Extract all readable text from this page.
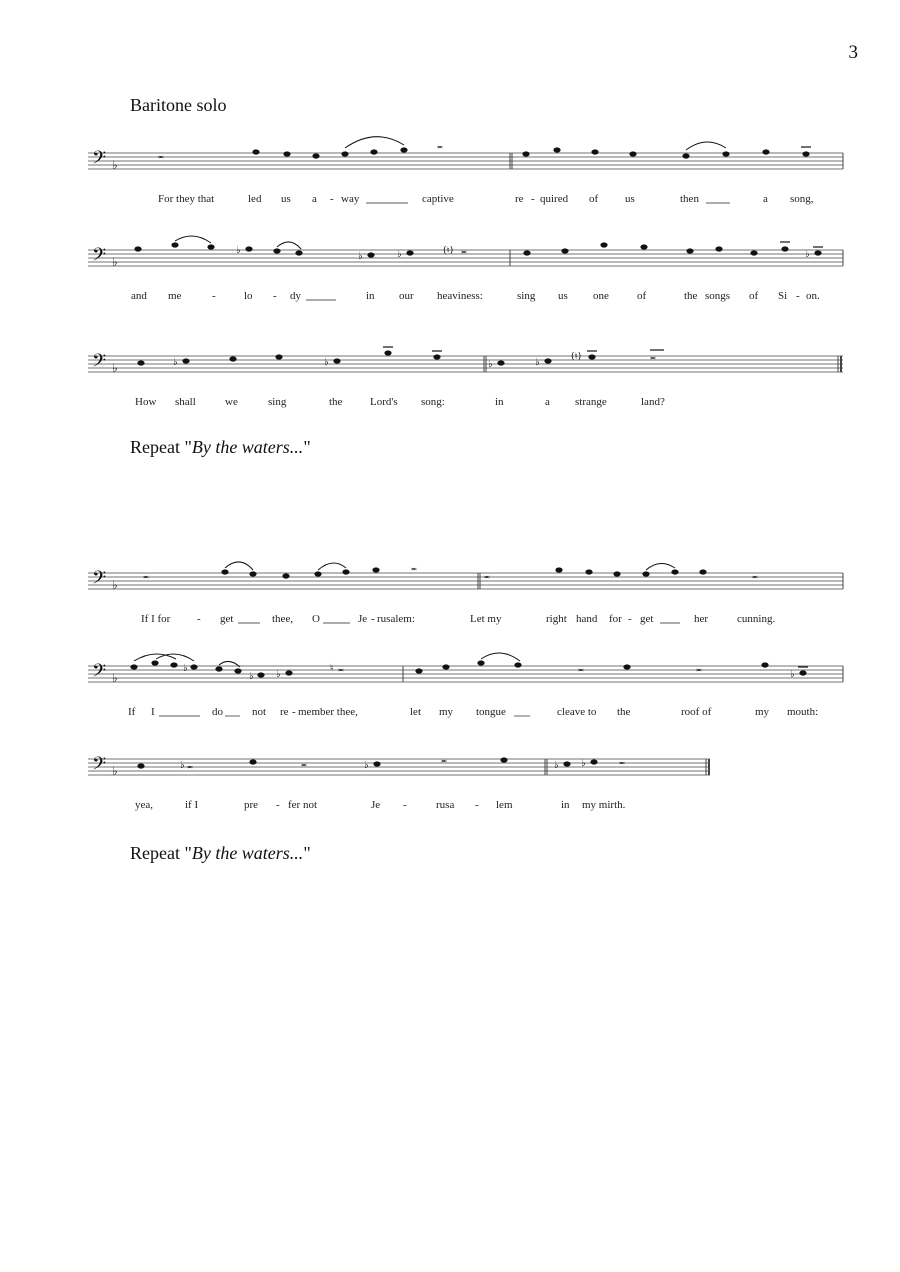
3
Baritone solo
𝄢 ♭
𝅜
𝅜
For they that	led us a - way	captive	re - quired of us	then	a song,
𝄢 ♭
♭
♭	♭	(♮) 𝅜	♭
and me	-	lo - dy	in our heaviness:	sing us one	of	the songs of Si - on.
𝄢 ♭	♭	♭	♭	♭	(♮)	𝅜
How shall	we	sing	the	Lord's song:	in	a strange	land?
Repeat "By the waters..."
𝄢 ♭
𝅜
𝅜
𝅜	𝅜
If I for - get	thee, O	Je - rusalem:	Let my	right hand for - get	her	cunning.
𝄢 ♭
♭
♭ ♭
♮ 𝅜	𝅜	𝅜
♭
If I	do	not re - member thee,	let my tongue	cleave to the	roof of	my mouth:
𝄢 ♭	♭ 𝅜	𝅜	♭
𝅜
♭ ♭	𝅜
yea,	if I	pre - fer not	Je -	rusa - lem	in my mirth.
Repeat "By the waters..."
